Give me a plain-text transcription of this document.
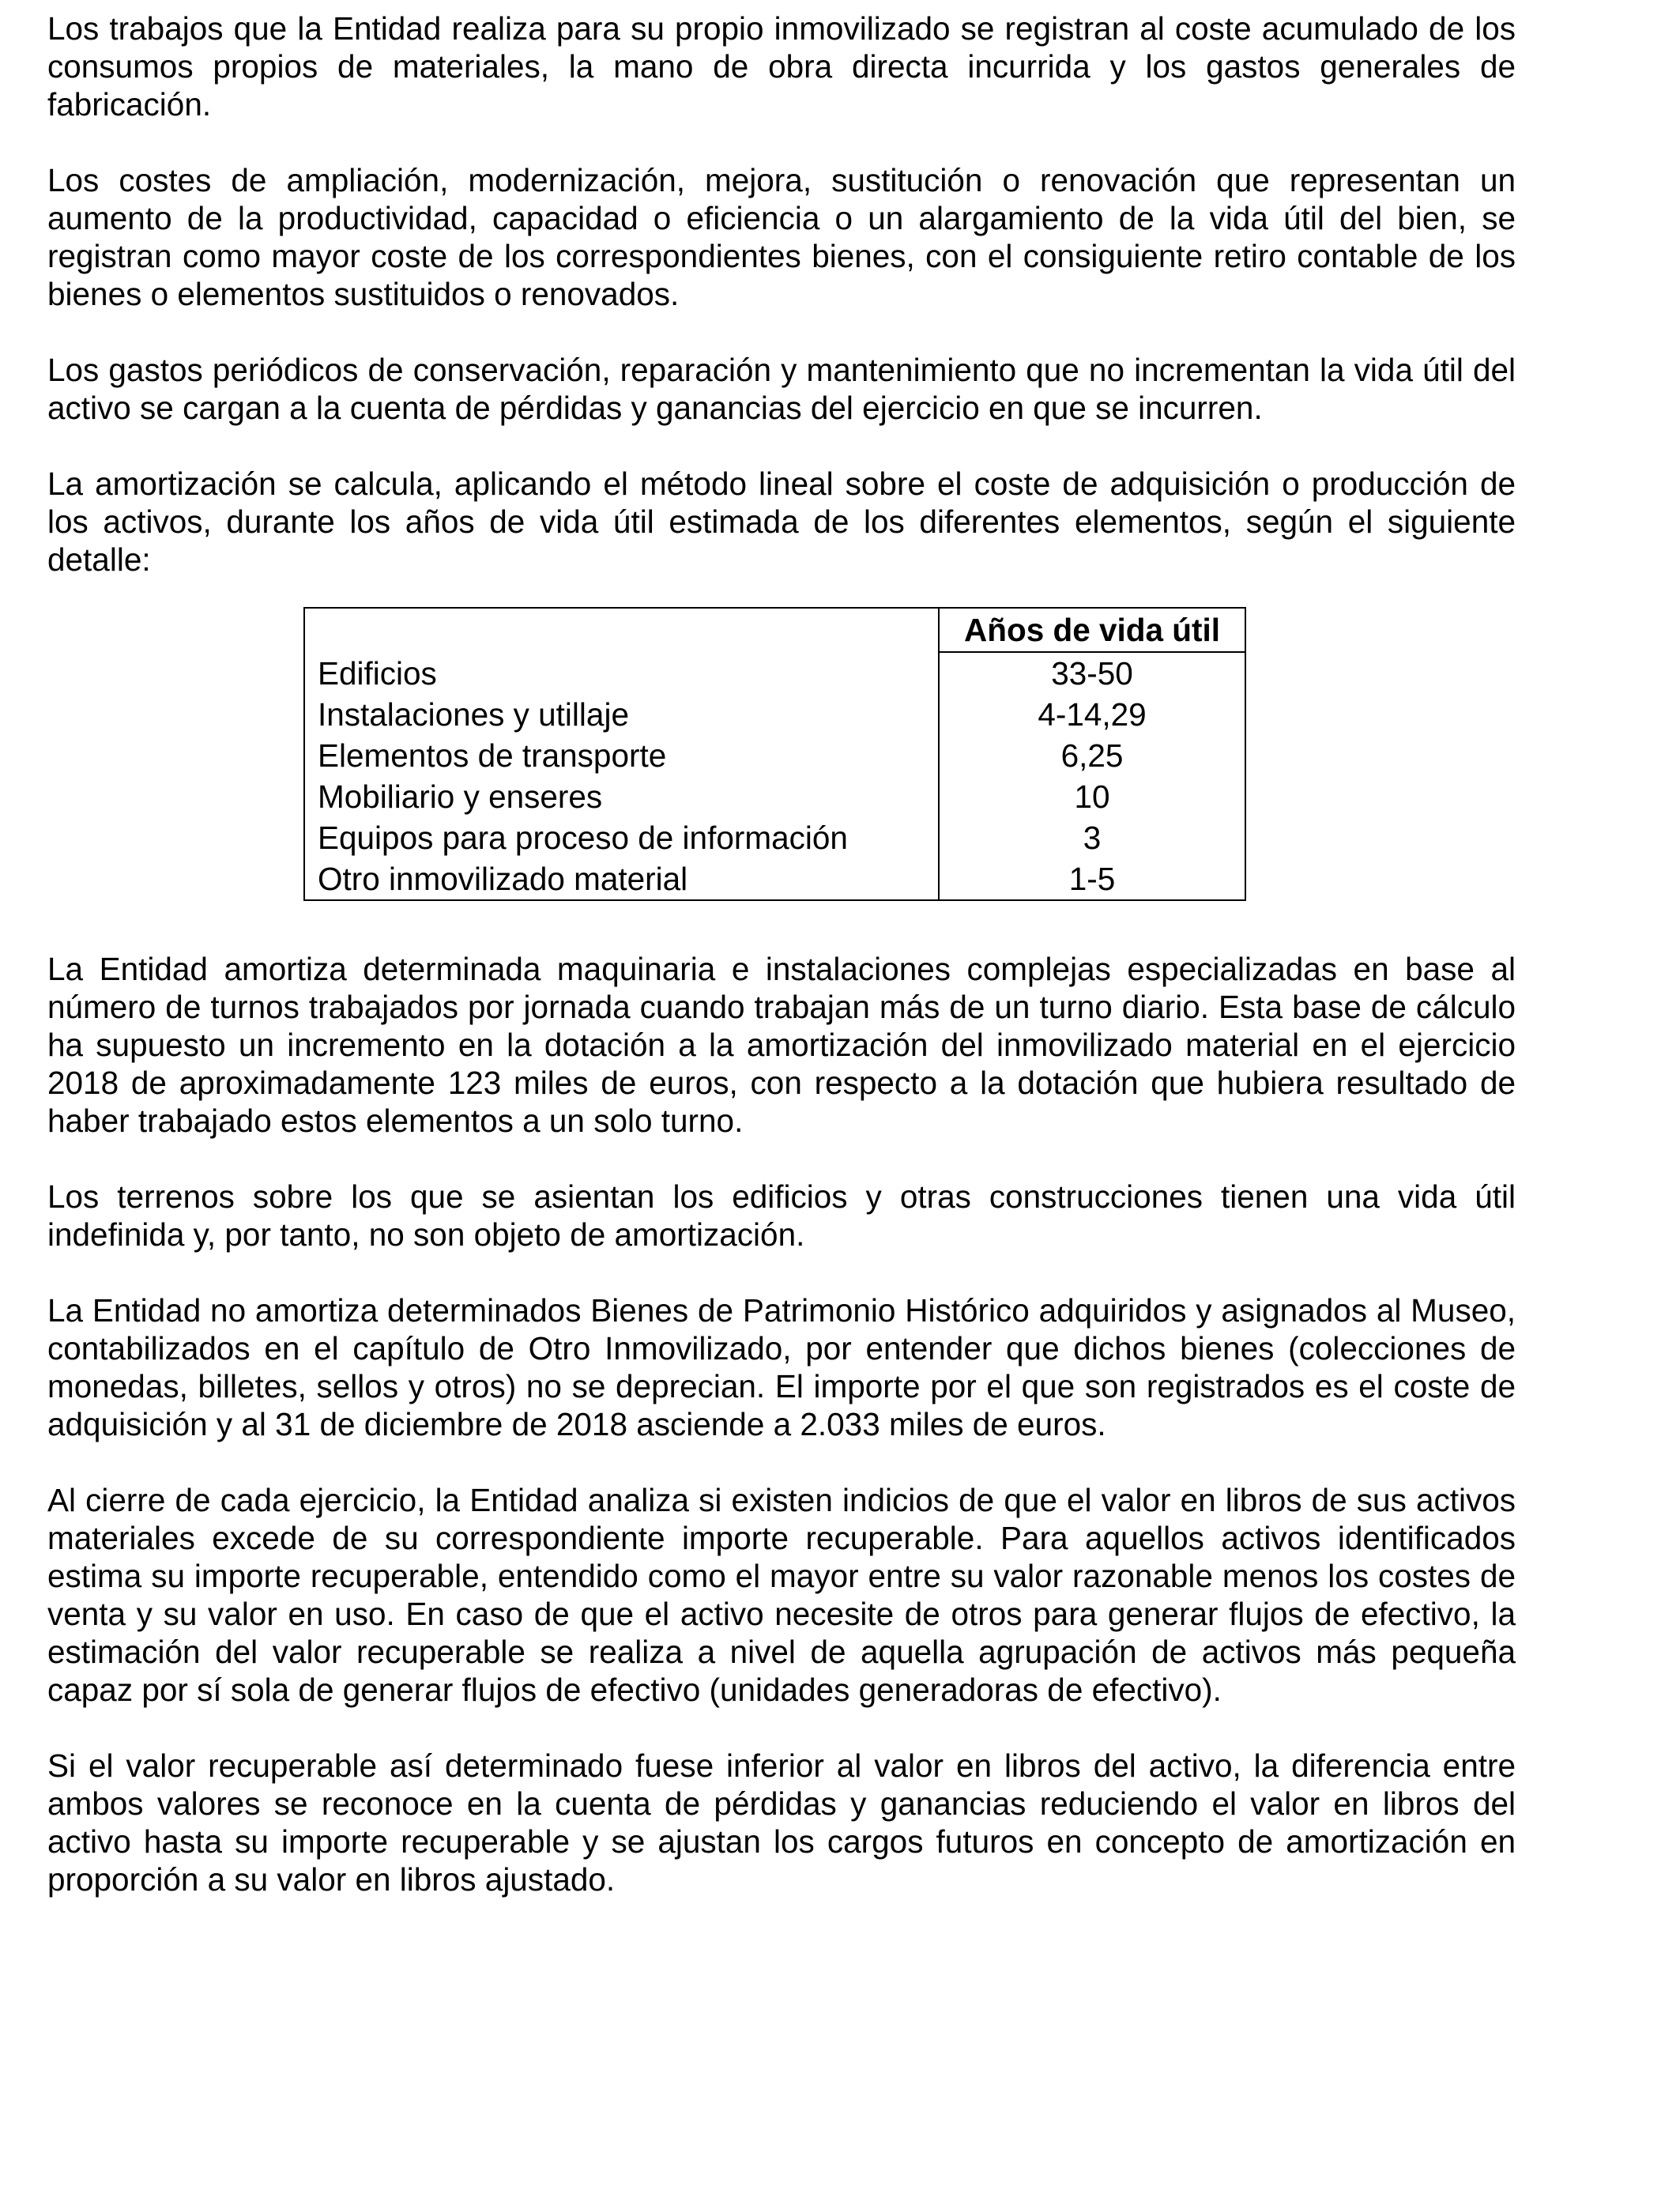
Los trabajos que la Entidad realiza para su propio inmovilizado se registran al coste acumulado de los consumos propios de materiales, la mano de obra directa incurrida y los gastos generales de fabricación.

Los costes de ampliación, modernización, mejora, sustitución o renovación que representan un aumento de la productividad, capacidad o eficiencia o un alargamiento de la vida útil del bien, se registran como mayor coste de los correspondientes bienes, con el consiguiente retiro contable de los bienes o elementos sustituidos o renovados.

Los gastos periódicos de conservación, reparación y mantenimiento que no incrementan la vida útil del activo se cargan a la cuenta de pérdidas y ganancias del ejercicio en que se incurren.

La amortización se calcula, aplicando el método lineal sobre el coste de adquisición o producción de los activos, durante los años de vida útil estimada de los diferentes elementos, según el siguiente detalle:

	Años de vida útil
Edificios	33-50
Instalaciones y utillaje	4-14,29
Elementos de transporte	6,25
Mobiliario y enseres	10
Equipos para proceso de información	3
Otro inmovilizado material	1-5

La Entidad amortiza determinada maquinaria e instalaciones complejas especializadas en base al número de turnos trabajados por jornada cuando trabajan más de un turno diario. Esta base de cálculo ha supuesto un incremento en la dotación a la amortización del inmovilizado material en el ejercicio 2018 de aproximadamente 123 miles de euros, con respecto a la dotación que hubiera resultado de haber trabajado estos elementos a un solo turno.

Los terrenos sobre los que se asientan los edificios y otras construcciones tienen una vida útil indefinida y, por tanto, no son objeto de amortización.

La Entidad no amortiza determinados Bienes de Patrimonio Histórico adquiridos y asignados al Museo, contabilizados en el capítulo de Otro Inmovilizado, por entender que dichos bienes (colecciones de monedas, billetes, sellos y otros) no se deprecian. El importe por el que son registrados es el coste de adquisición y al 31 de diciembre de 2018 asciende a 2.033 miles de euros.

Al cierre de cada ejercicio, la Entidad analiza si existen indicios de que el valor en libros de sus activos materiales excede de su correspondiente importe recuperable. Para aquellos activos identificados estima su importe recuperable, entendido como el mayor entre su valor razonable menos los costes de venta y su valor en uso. En caso de que el activo necesite de otros para generar flujos de efectivo, la estimación del valor recuperable se realiza a nivel de aquella agrupación de activos más pequeña capaz por sí sola de generar flujos de efectivo (unidades generadoras de efectivo).

Si el valor recuperable así determinado fuese inferior al valor en libros del activo, la diferencia entre ambos valores se reconoce en la cuenta de pérdidas y ganancias reduciendo el valor en libros del activo hasta su importe recuperable y se ajustan los cargos futuros en concepto de amortización en proporción a su valor en libros ajustado.
